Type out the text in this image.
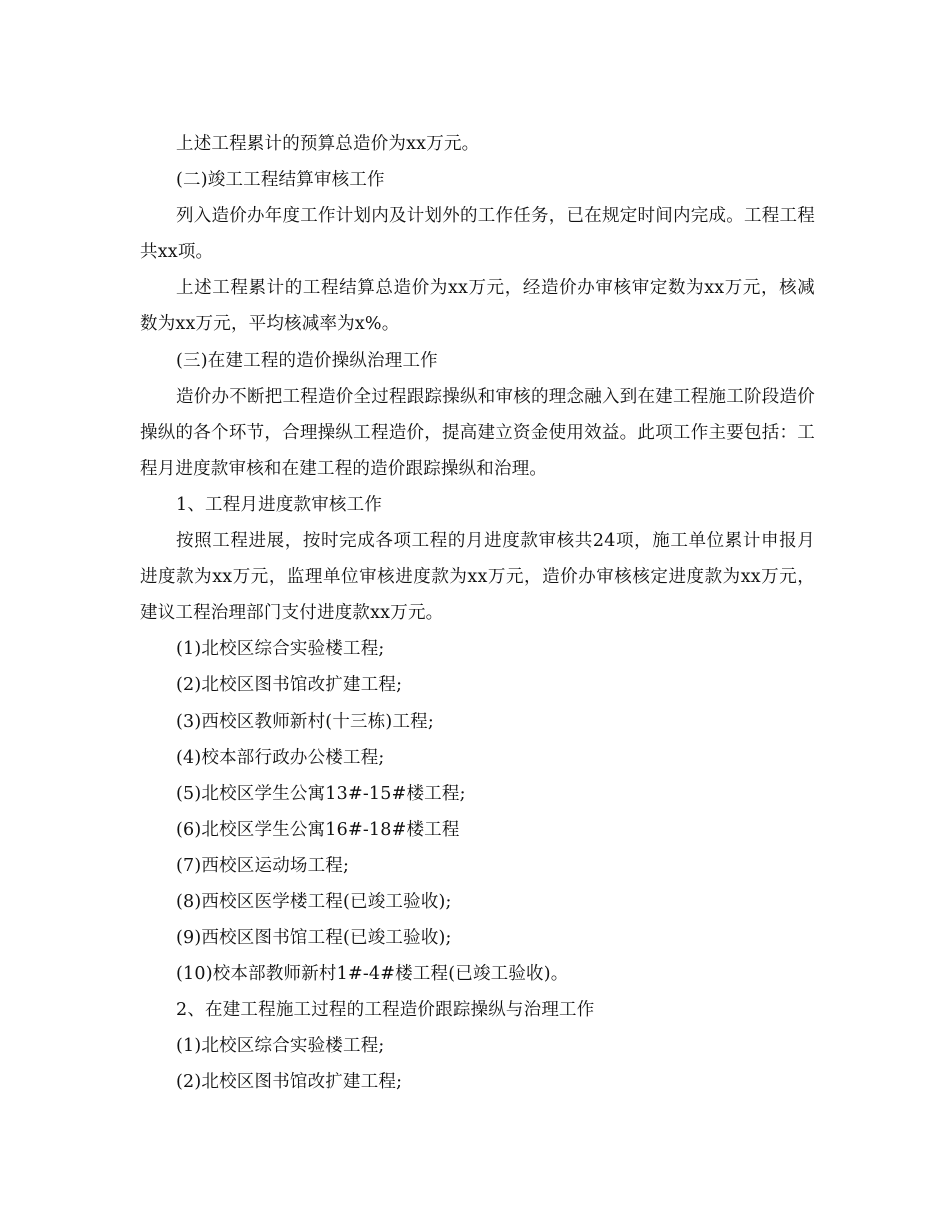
上述工程累计的预算总造价为xx万元。

(二)竣工工程结算审核工作

列入造价办年度工作计划内及计划外的工作任务，已在规定时间内完成。工程工程共xx项。

上述工程累计的工程结算总造价为xx万元，经造价办审核审定数为xx万元，核减数为xx万元，平均核减率为x%。

(三)在建工程的造价操纵治理工作

造价办不断把工程造价全过程跟踪操纵和审核的理念融入到在建工程施工阶段造价操纵的各个环节，合理操纵工程造价，提高建立资金使用效益。此项工作主要包括：工程月进度款审核和在建工程的造价跟踪操纵和治理。

1、工程月进度款审核工作

按照工程进展，按时完成各项工程的月进度款审核共24项，施工单位累计申报月进度款为xx万元，监理单位审核进度款为xx万元，造价办审核核定进度款为xx万元，建议工程治理部门支付进度款xx万元。

(1)北校区综合实验楼工程;

(2)北校区图书馆改扩建工程;

(3)西校区教师新村(十三栋)工程;

(4)校本部行政办公楼工程;

(5)北校区学生公寓13#-15#楼工程;

(6)北校区学生公寓16#-18#楼工程

(7)西校区运动场工程;

(8)西校区医学楼工程(已竣工验收);

(9)西校区图书馆工程(已竣工验收);

(10)校本部教师新村1#-4#楼工程(已竣工验收)。

2、在建工程施工过程的工程造价跟踪操纵与治理工作

(1)北校区综合实验楼工程;

(2)北校区图书馆改扩建工程;
